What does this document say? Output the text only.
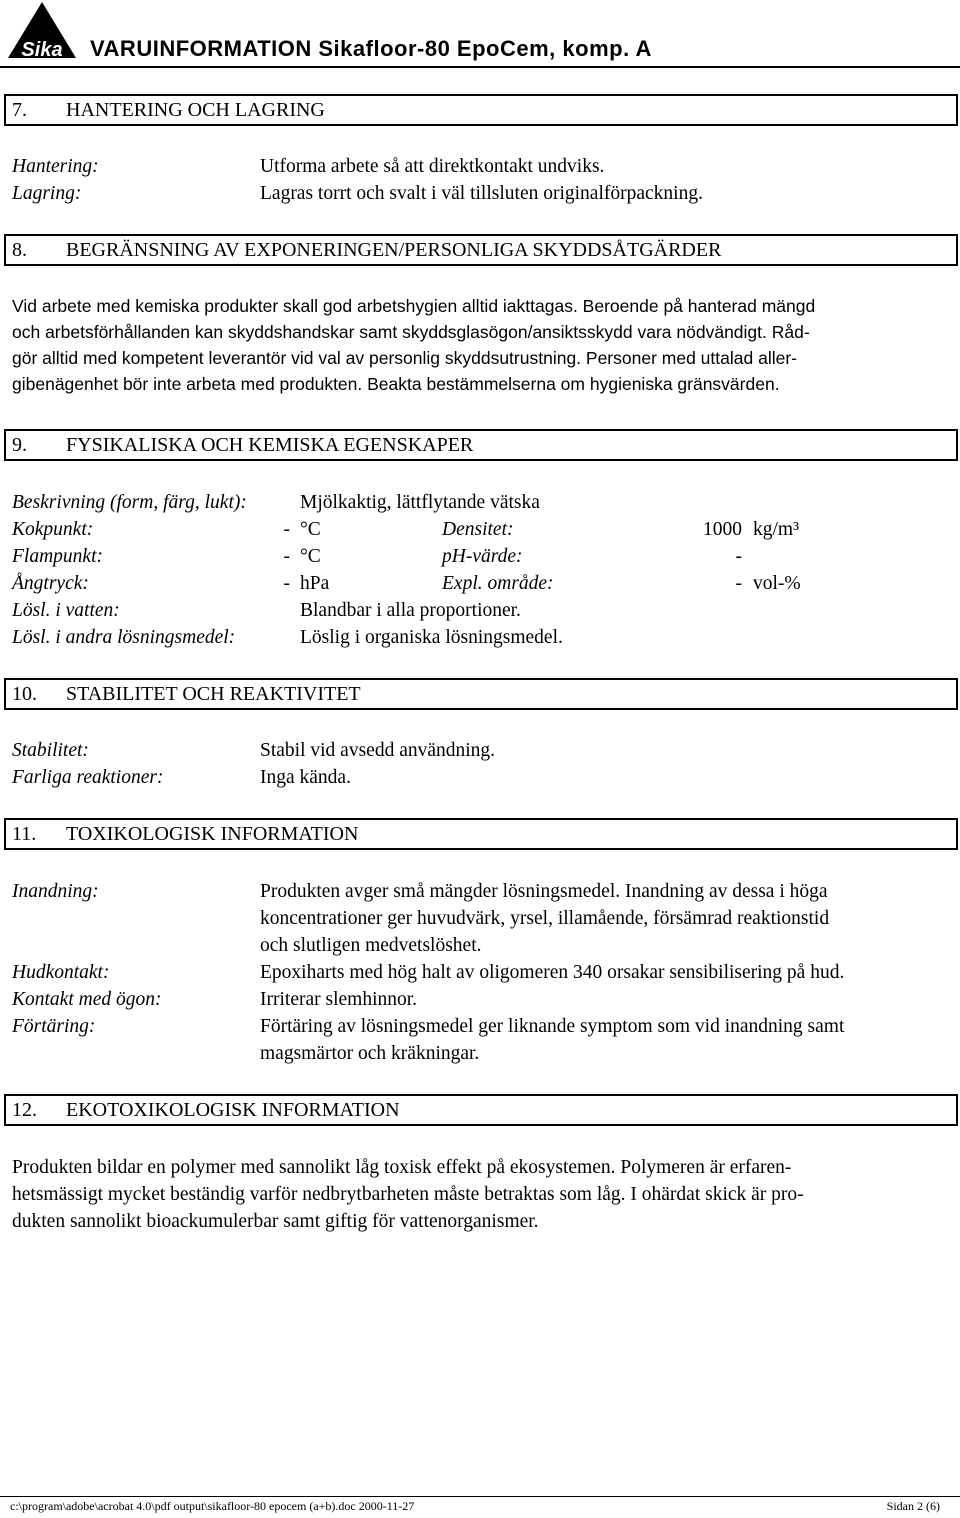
Sika VARUINFORMATION Sikafloor-80 EpoCem, komp. A
7. HANTERING OCH LAGRING
Hantering:	Utforma arbete så att direktkontakt undviks.
Lagring:	Lagras torrt och svalt i väl tillsluten originalförpackning.
8. BEGRÄNSNING AV EXPONERINGEN/PERSONLIGA SKYDDSÅTGÄRDER
Vid arbete med kemiska produkter skall god arbetshygien alltid iakttagas. Beroende på hanterad mängd
och arbetsförhållanden kan skyddshandskar samt skyddsglasögon/ansiktsskydd vara nödvändigt. Råd-
gör alltid med kompetent leverantör vid val av personlig skyddsutrustning. Personer med uttalad aller-
gibenägenhet bör inte arbeta med produkten. Beakta bestämmelserna om hygieniska gränsvärden.
9. FYSIKALISKA OCH KEMISKA EGENSKAPER
Beskrivning (form, färg, lukt):	Mjölkaktig, lättflytande vätska
Kokpunkt:	- °C	Densitet:	1000 kg/m³
Flampunkt:	- °C	pH-värde:	-
Ångtryck:	- hPa	Expl. område:	- vol-%
Lösl. i vatten:	Blandbar i alla proportioner.
Lösl. i andra lösningsmedel:	Löslig i organiska lösningsmedel.
10. STABILITET OCH REAKTIVITET
Stabilitet:	Stabil vid avsedd användning.
Farliga reaktioner:	Inga kända.
11. TOXIKOLOGISK INFORMATION
Inandning:	Produkten avger små mängder lösningsmedel. Inandning av dessa i höga
koncentrationer ger huvudvärk, yrsel, illamående, försämrad reaktionstid
och slutligen medvetslöshet.
Hudkontakt:	Epoxiharts med hög halt av oligomeren 340 orsakar sensibilisering på hud.
Kontakt med ögon:	Irriterar slemhinnor.
Förtäring:	Förtäring av lösningsmedel ger liknande symptom som vid inandning samt
magsmärtor och kräkningar.
12. EKOTOXIKOLOGISK INFORMATION
Produkten bildar en polymer med sannolikt låg toxisk effekt på ekosystemen. Polymeren är erfaren-
hetsmässigt mycket beständig varför nedbrytbarheten måste betraktas som låg. I ohärdat skick är pro-
dukten sannolikt bioackumulerbar samt giftig för vattenorganismer.
c:\program\adobe\acrobat 4.0\pdf output\sikafloor-80 epocem (a+b).doc 2000-11-27	Sidan 2 (6)
